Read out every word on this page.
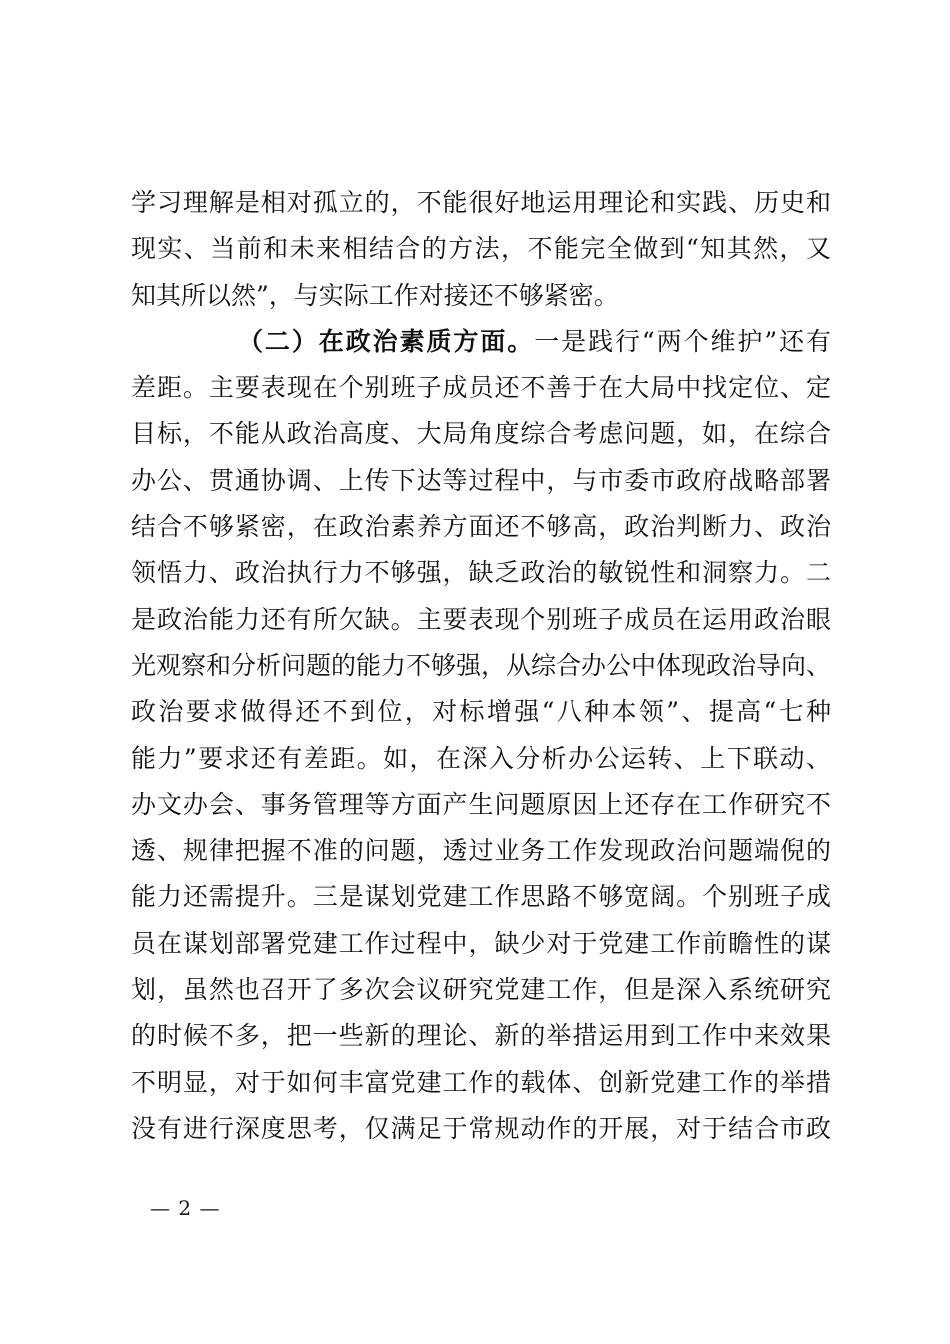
学习理解是相对孤立的，不能很好地运用理论和实践、历史和
现实、当前和未来相结合的方法，不能完全做到“知其然，又
知其所以然”，与实际工作对接还不够紧密。
（二）在政治素质方面。一是践行“两个维护”还有
差距。主要表现在个别班子成员还不善于在大局中找定位、定
目标，不能从政治高度、大局角度综合考虑问题，如，在综合
办公、贯通协调、上传下达等过程中，与市委市政府战略部署
结合不够紧密，在政治素养方面还不够高，政治判断力、政治
领悟力、政治执行力不够强，缺乏政治的敏锐性和洞察力。二
是政治能力还有所欠缺。主要表现个别班子成员在运用政治眼
光观察和分析问题的能力不够强，从综合办公中体现政治导向、
政治要求做得还不到位，对标增强“八种本领”、提高“七种
能力”要求还有差距。如，在深入分析办公运转、上下联动、
办文办会、事务管理等方面产生问题原因上还存在工作研究不
透、规律把握不准的问题，透过业务工作发现政治问题端倪的
能力还需提升。三是谋划党建工作思路不够宽阔。个别班子成
员在谋划部署党建工作过程中，缺少对于党建工作前瞻性的谋
划，虽然也召开了多次会议研究党建工作，但是深入系统研究
的时候不多，把一些新的理论、新的举措运用到工作中来效果
不明显，对于如何丰富党建工作的载体、创新党建工作的举措
没有进行深度思考，仅满足于常规动作的开展，对于结合市政
— 2 —
